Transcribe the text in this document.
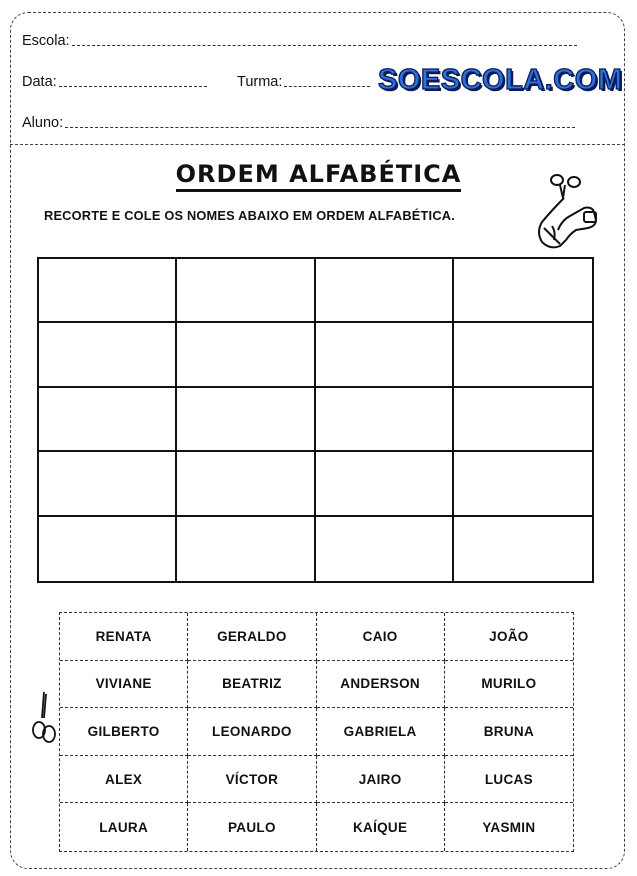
Escola:
Data:	Turma:	SOESCOLA.COM
Aluno:
ORDEM ALFABÉTICA
RECORTE E COLE OS NOMES ABAIXO EM ORDEM ALFABÉTICA.
RENATA	GERALDO	CAIO	JOÃO
VIVIANE	BEATRIZ	ANDERSON	MURILO
GILBERTO	LEONARDO	GABRIELA	BRUNA
ALEX	VÍCTOR	JAIRO	LUCAS
LAURA	PAULO	KAÍQUE	YASMIN
